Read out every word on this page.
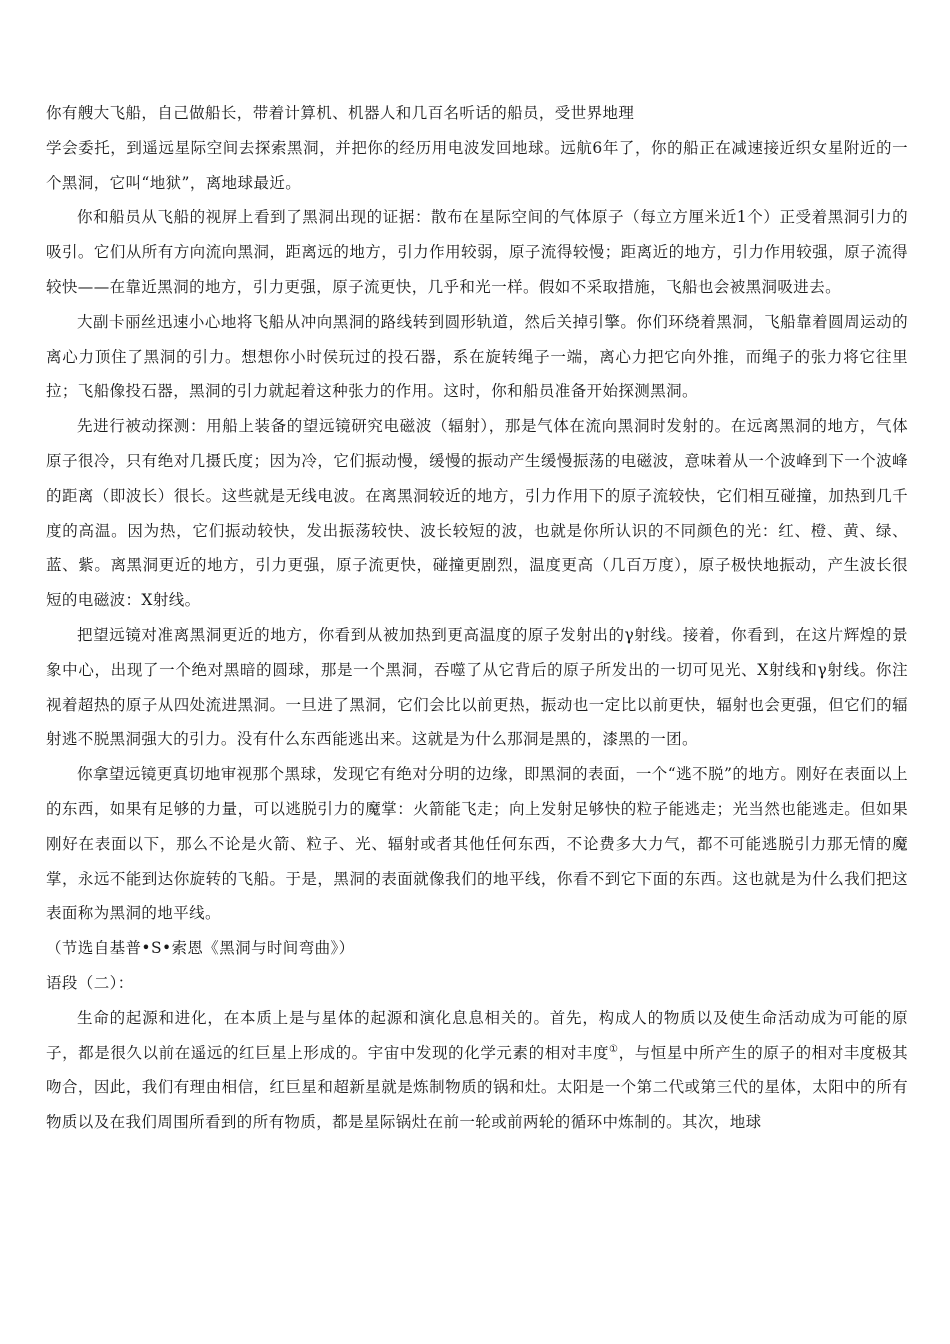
你有艘大飞船，自己做船长，带着计算机、机器人和几百名听话的船员，受世界地理

学会委托，到遥远星际空间去探索黑洞，并把你的经历用电波发回地球。远航6年了，你的船正在减速接近织女星附近的一个黑洞，它叫“地狱”，离地球最近。

你和船员从飞船的视屏上看到了黑洞出现的证据：散布在星际空间的气体原子（每立方厘米近1个）正受着黑洞引力的吸引。它们从所有方向流向黑洞，距离远的地方，引力作用较弱，原子流得较慢；距离近的地方，引力作用较强，原子流得较快——在靠近黑洞的地方，引力更强，原子流更快，几乎和光一样。假如不采取措施，飞船也会被黑洞吸进去。

大副卡丽丝迅速小心地将飞船从冲向黑洞的路线转到圆形轨道，然后关掉引擎。你们环绕着黑洞，飞船靠着圆周运动的离心力顶住了黑洞的引力。想想你小时侯玩过的投石器，系在旋转绳子一端，离心力把它向外推，而绳子的张力将它往里拉；飞船像投石器，黑洞的引力就起着这种张力的作用。这时，你和船员准备开始探测黑洞。

先进行被动探测：用船上装备的望远镜研究电磁波（辐射），那是气体在流向黑洞时发射的。在远离黑洞的地方，气体原子很冷，只有绝对几摄氏度；因为冷，它们振动慢，缓慢的振动产生缓慢振荡的电磁波，意味着从一个波峰到下一个波峰的距离（即波长）很长。这些就是无线电波。在离黑洞较近的地方，引力作用下的原子流较快，它们相互碰撞，加热到几千度的高温。因为热，它们振动较快，发出振荡较快、波长较短的波，也就是你所认识的不同颜色的光：红、橙、黄、绿、蓝、紫。离黑洞更近的地方，引力更强，原子流更快，碰撞更剧烈，温度更高（几百万度），原子极快地振动，产生波长很短的电磁波：X射线。

把望远镜对准离黑洞更近的地方，你看到从被加热到更高温度的原子发射出的γ射线。接着，你看到，在这片辉煌的景象中心，出现了一个绝对黑暗的圆球，那是一个黑洞，吞噬了从它背后的原子所发出的一切可见光、X射线和γ射线。你注视着超热的原子从四处流进黑洞。一旦进了黑洞，它们会比以前更热，振动也一定比以前更快，辐射也会更强，但它们的辐射逃不脱黑洞强大的引力。没有什么东西能逃出来。这就是为什么那洞是黑的，漆黑的一团。

你拿望远镜更真切地审视那个黑球，发现它有绝对分明的边缘，即黑洞的表面，一个“逃不脱”的地方。刚好在表面以上的东西，如果有足够的力量，可以逃脱引力的魔掌：火箭能飞走；向上发射足够快的粒子能逃走；光当然也能逃走。但如果刚好在表面以下，那么不论是火箭、粒子、光、辐射或者其他任何东西，不论费多大力气，都不可能逃脱引力那无情的魔掌，永远不能到达你旋转的飞船。于是，黑洞的表面就像我们的地平线，你看不到它下面的东西。这也就是为什么我们把这表面称为黑洞的地平线。

（节选自基普•S•索恩《黑洞与时间弯曲》）

语段（二）：

生命的起源和进化，在本质上是与星体的起源和演化息息相关的。首先，构成人的物质以及使生命活动成为可能的原子，都是很久以前在遥远的红巨星上形成的。宇宙中发现的化学元素的相对丰度①，与恒星中所产生的原子的相对丰度极其吻合，因此，我们有理由相信，红巨星和超新星就是炼制物质的锅和灶。太阳是一个第二代或第三代的星体，太阳中的所有物质以及在我们周围所看到的所有物质，都是星际锅灶在前一轮或前两轮的循环中炼制的。其次，地球
